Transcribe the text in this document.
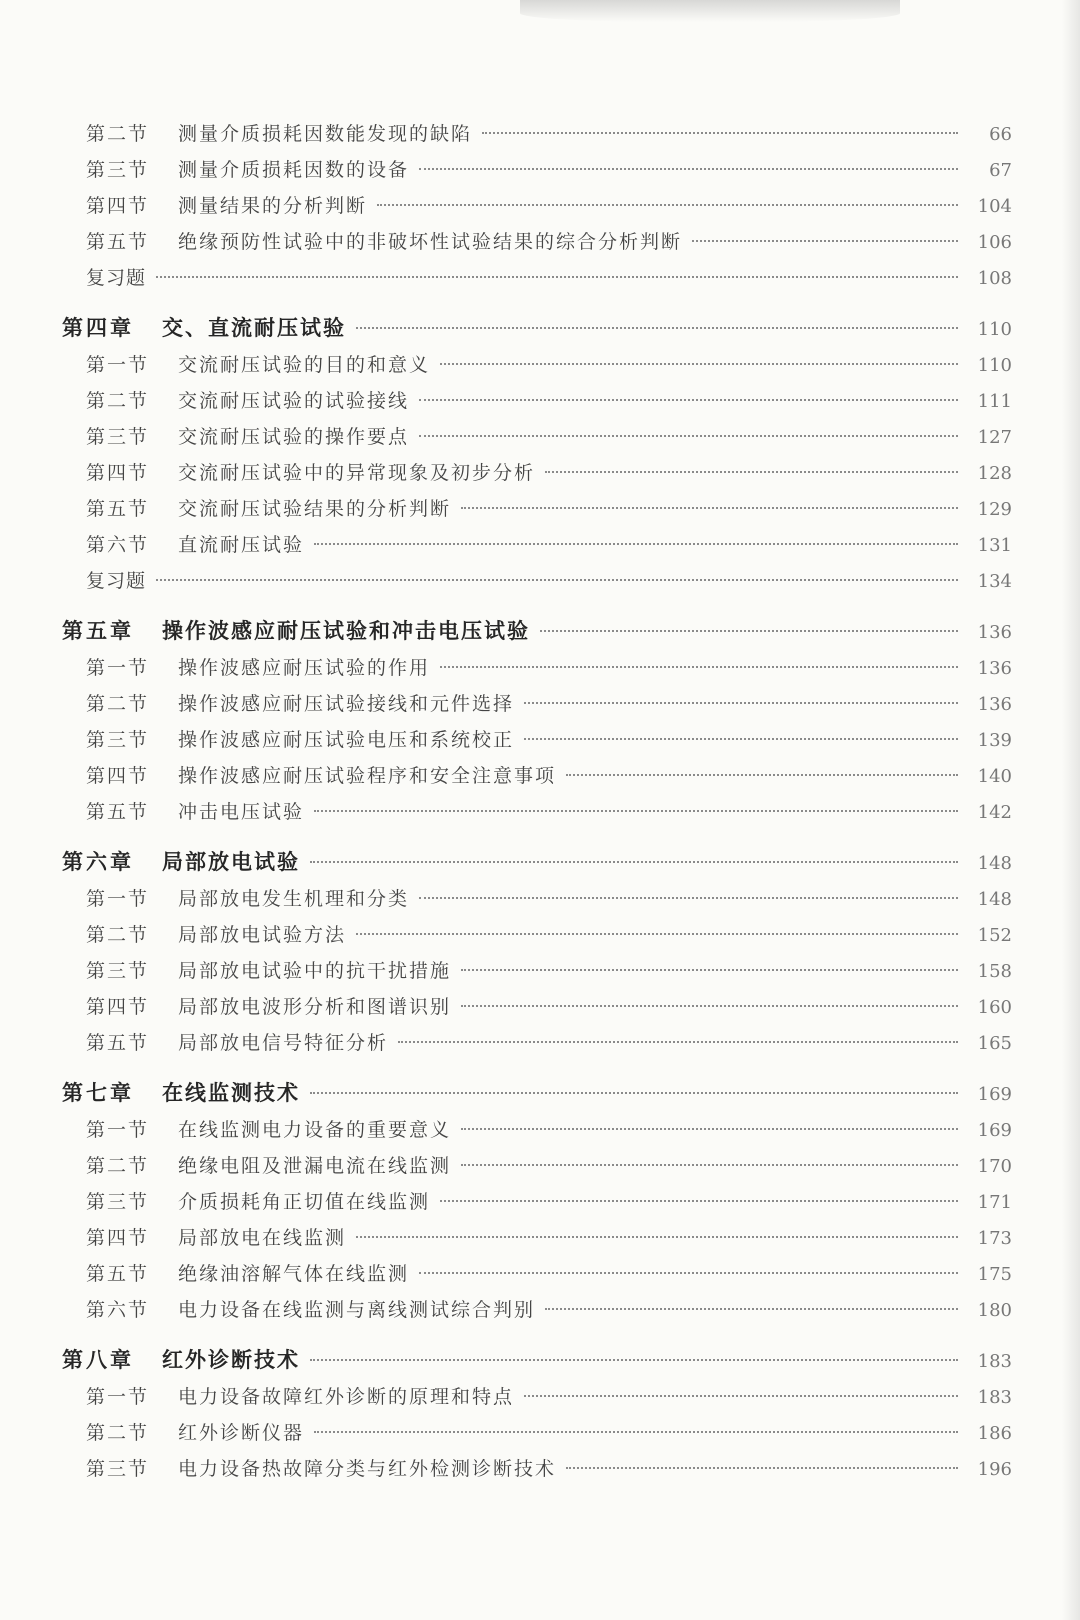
第二节	测量介质损耗因数能发现的缺陷	66
第三节	测量介质损耗因数的设备	67
第四节	测量结果的分析判断	104
第五节	绝缘预防性试验中的非破坏性试验结果的综合分析判断	106
复习题	108
第四章	交、直流耐压试验	110
第一节	交流耐压试验的目的和意义	110
第二节	交流耐压试验的试验接线	111
第三节	交流耐压试验的操作要点	127
第四节	交流耐压试验中的异常现象及初步分析	128
第五节	交流耐压试验结果的分析判断	129
第六节	直流耐压试验	131
复习题	134
第五章	操作波感应耐压试验和冲击电压试验	136
第一节	操作波感应耐压试验的作用	136
第二节	操作波感应耐压试验接线和元件选择	136
第三节	操作波感应耐压试验电压和系统校正	139
第四节	操作波感应耐压试验程序和安全注意事项	140
第五节	冲击电压试验	142
第六章	局部放电试验	148
第一节	局部放电发生机理和分类	148
第二节	局部放电试验方法	152
第三节	局部放电试验中的抗干扰措施	158
第四节	局部放电波形分析和图谱识别	160
第五节	局部放电信号特征分析	165
第七章	在线监测技术	169
第一节	在线监测电力设备的重要意义	169
第二节	绝缘电阻及泄漏电流在线监测	170
第三节	介质损耗角正切值在线监测	171
第四节	局部放电在线监测	173
第五节	绝缘油溶解气体在线监测	175
第六节	电力设备在线监测与离线测试综合判别	180
第八章	红外诊断技术	183
第一节	电力设备故障红外诊断的原理和特点	183
第二节	红外诊断仪器	186
第三节	电力设备热故障分类与红外检测诊断技术	196
